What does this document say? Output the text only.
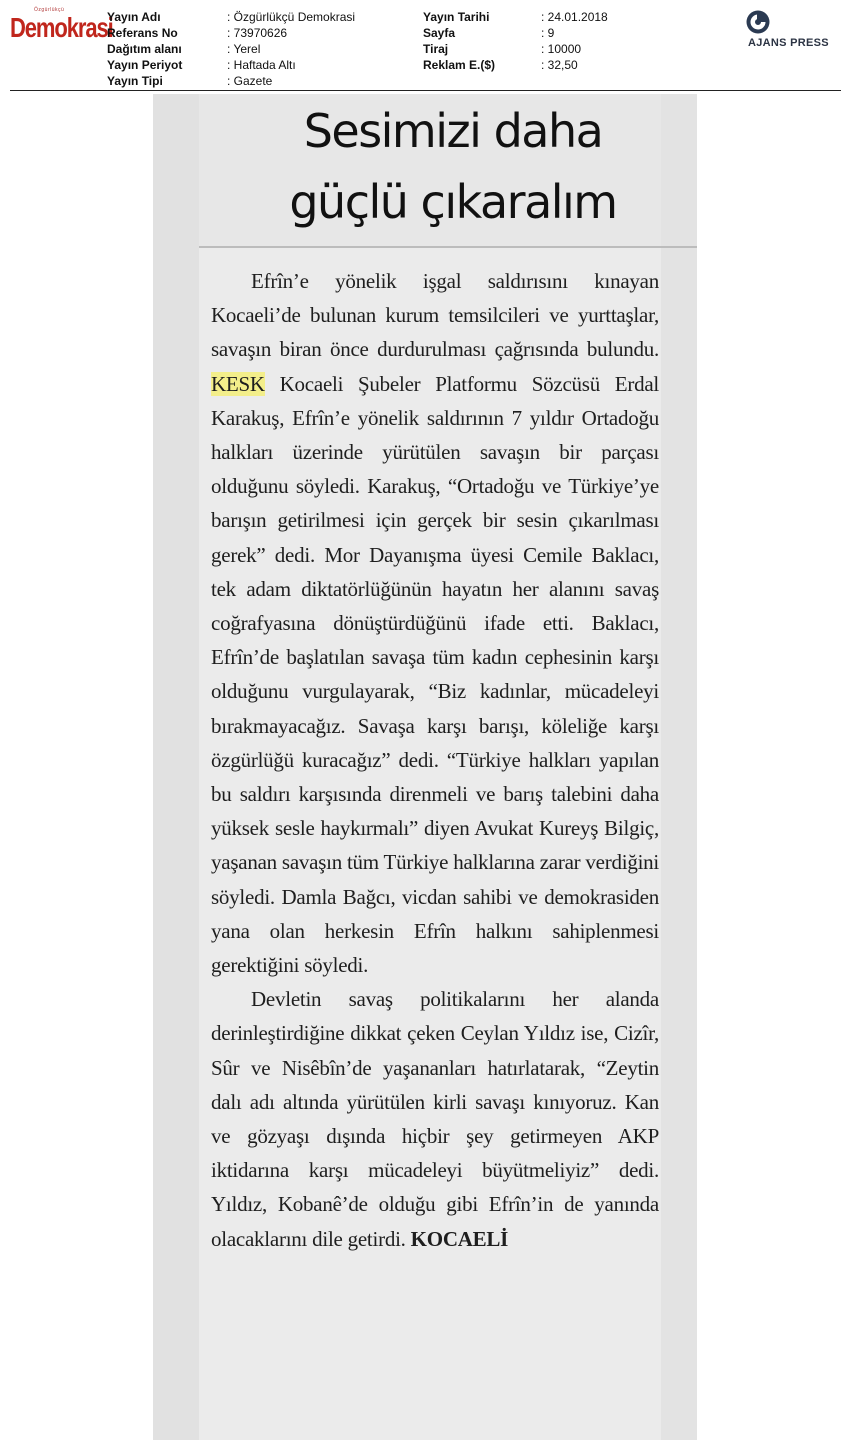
Özgürlükçü
Demokrasi
Yayın Adı	: Özgürlükçü Demokrasi
Referans No	: 73970626
Dağıtım alanı	: Yerel
Yayın Periyot	: Haftada Altı
Yayın Tipi	: Gazete
Yayın Tarihi	: 24.01.2018
Sayfa	: 9
Tiraj	: 10000
Reklam E.($)	: 32,50
AJANS PRESS
Sesimizi daha güçlü çıkaralım

Efrîn’e yönelik işgal saldırısını kınayan Kocaeli’de bulunan kurum temsilcileri ve yurttaşlar, savaşın biran önce durdurulması çağrısında bulundu. KESK Kocaeli Şubeler Platformu Sözcüsü Erdal Karakuş, Efrîn’e yönelik saldırının 7 yıldır Ortadoğu halkları üzerinde yürütülen savaşın bir parçası olduğunu söyledi. Karakuş, “Ortadoğu ve Türkiye’ye barışın getirilmesi için gerçek bir sesin çıkarılması gerek” dedi. Mor Dayanışma üyesi Cemile Baklacı, tek adam diktatörlüğünün hayatın her alanını savaş coğrafyasına dönüştürdüğünü ifade etti. Baklacı, Efrîn’de başlatılan savaşa tüm kadın cephesinin karşı olduğunu vurgulayarak, “Biz kadınlar, mücadeleyi bırakmayacağız. Savaşa karşı barışı, köleliğe karşı özgürlüğü kuracağız” dedi. “Türkiye halkları yapılan bu saldırı karşısında direnmeli ve barış talebini daha yüksek sesle haykırmalı” diyen Avukat Kureyş Bilgiç, yaşanan savaşın tüm Türkiye halklarına zarar verdiğini söyledi. Damla Bağcı, vicdan sahibi ve demokrasiden yana olan herkesin Efrîn halkını sahiplenmesi gerektiğini söyledi.

Devletin savaş politikalarını her alanda derinleştirdiğine dikkat çeken Ceylan Yıldız ise, Cizîr, Sûr ve Nisêbîn’de yaşananları hatırlatarak, “Zeytin dalı adı altında yürütülen kirli savaşı kınıyoruz. Kan ve gözyaşı dışında hiçbir şey getirmeyen AKP iktidarına karşı mücadeleyi büyütmeliyiz” dedi. Yıldız, Kobanê’de olduğu gibi Efrîn’in de yanında olacaklarını dile getirdi. KOCAELİ
